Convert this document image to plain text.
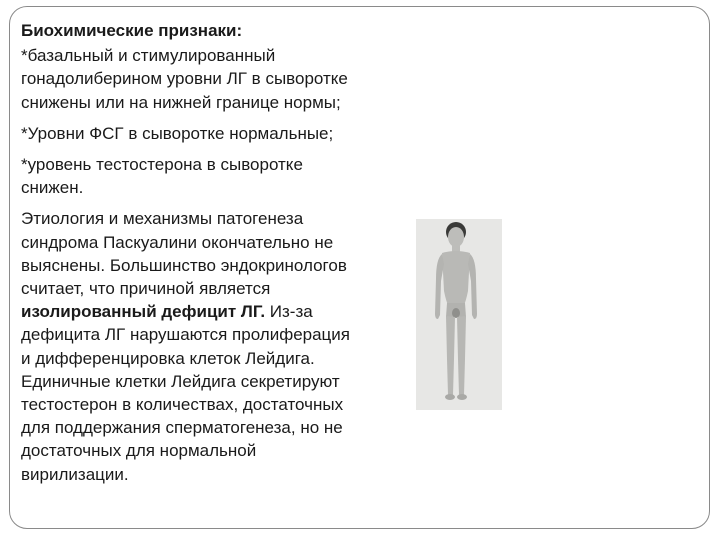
Биохимические признаки:

*базальный и стимулированный
гонадолиберином уровни ЛГ в сыворотке
снижены или на нижней границе нормы;

*Уровни ФСГ в сыворотке нормальные;

*уровень тестостерона в сыворотке
снижен.

Этиология и механизмы патогенеза
синдрома Паскуалини окончательно не
выяснены. Большинство эндокринологов
считает, что причиной является
изолированный дефицит ЛГ. Из-за
дефицита ЛГ нарушаются пролиферация
и дифференцировка клеток Лейдига.
Единичные клетки Лейдига секретируют
тестостерон в количествах, достаточных
для поддержания сперматогенеза, но не
достаточных для нормальной
вирилизации.
